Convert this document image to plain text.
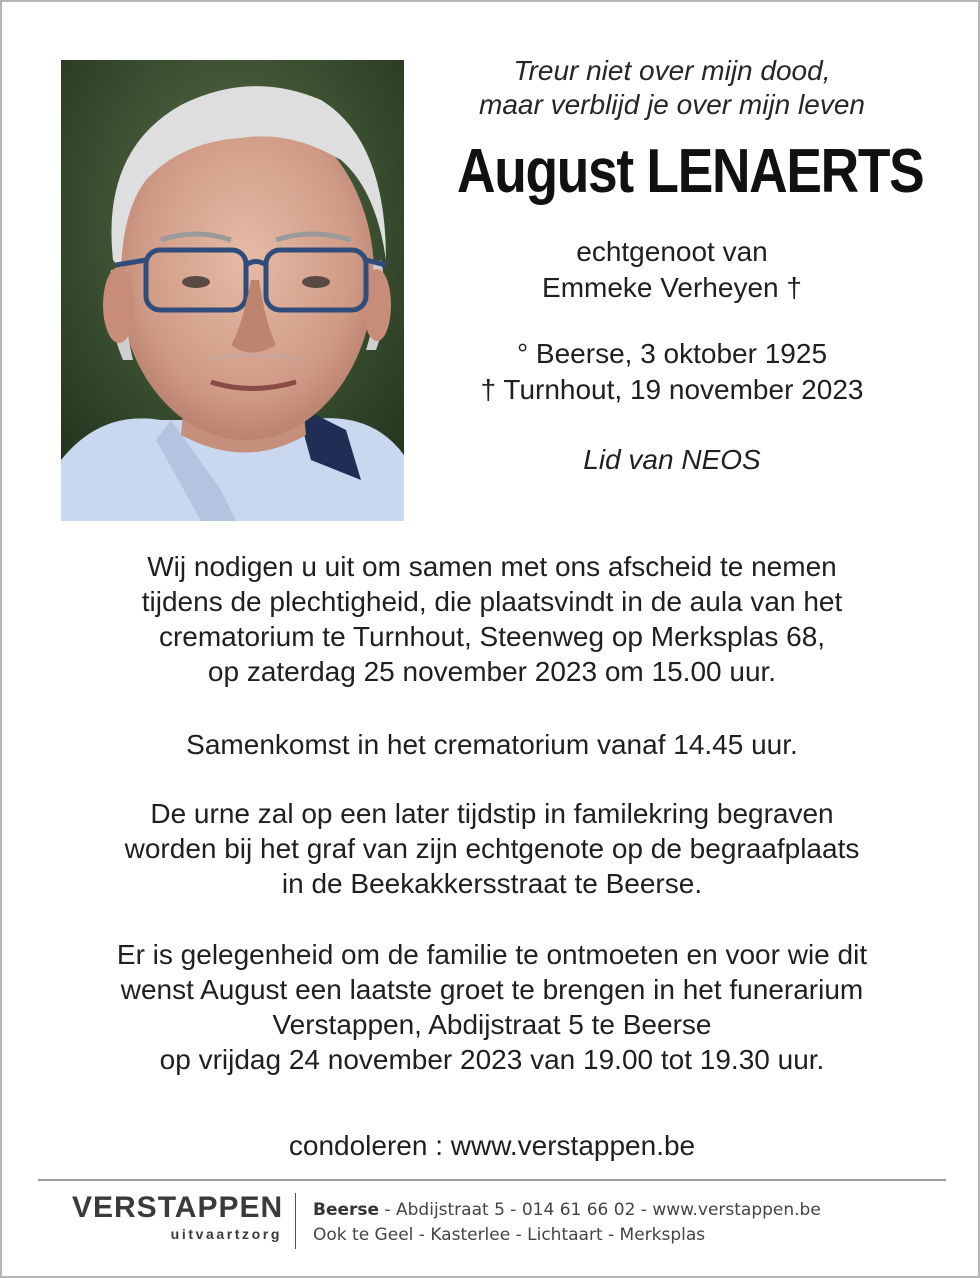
Treur niet over mijn dood,
maar verblijd je over mijn leven
August LENAERTS
echtgenoot van
Emmeke Verheyen †
° Beerse, 3 oktober 1925
† Turnhout, 19 november 2023
Lid van NEOS
Wij nodigen u uit om samen met ons afscheid te nemen
tijdens de plechtigheid, die plaatsvindt in de aula van het
crematorium te Turnhout, Steenweg op Merksplas 68,
op zaterdag 25 november 2023 om 15.00 uur.
Samenkomst in het crematorium vanaf 14.45 uur.
De urne zal op een later tijdstip in familekring begraven
worden bij het graf van zijn echtgenote op de begraafplaats
in de Beekakkersstraat te Beerse.
Er is gelegenheid om de familie te ontmoeten en voor wie dit
wenst August een laatste groet te brengen in het funerarium
Verstappen, Abdijstraat 5 te Beerse
op vrijdag 24 november 2023 van 19.00 tot 19.30 uur.
condoleren : www.verstappen.be
VERSTAPPEN
uitvaartzorg
Beerse - Abdijstraat 5 - 014 61 66 02 - www.verstappen.be
Ook te Geel - Kasterlee - Lichtaart - Merksplas
